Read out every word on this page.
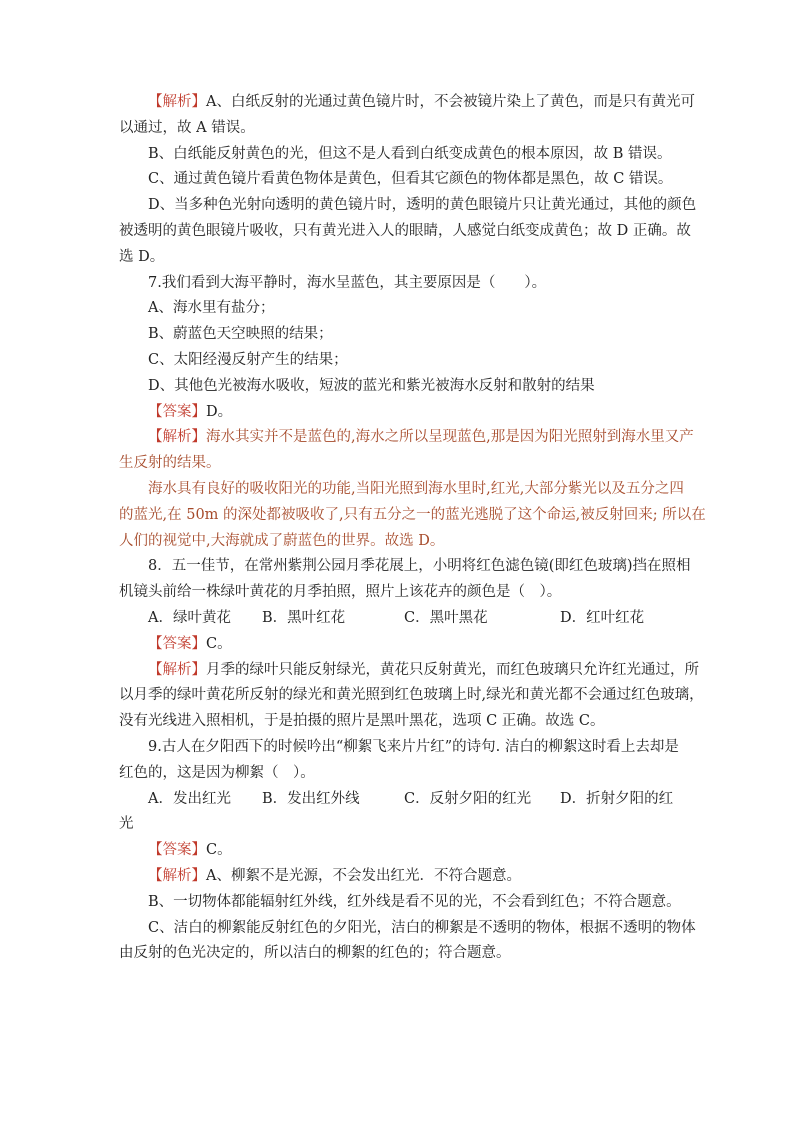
【解析】A、白纸反射的光通过黄色镜片时，不会被镜片染上了黄色，而是只有黄光可
以通过，故 A 错误。
B、白纸能反射黄色的光，但这不是人看到白纸变成黄色的根本原因，故 B 错误。
C、通过黄色镜片看黄色物体是黄色，但看其它颜色的物体都是黑色，故 C 错误。
D、当多种色光射向透明的黄色镜片时，透明的黄色眼镜片只让黄光通过，其他的颜色
被透明的黄色眼镜片吸收，只有黄光进入人的眼睛，人感觉白纸变成黄色；故 D 正确。故
选 D。
7.我们看到大海平静时，海水呈蓝色，其主要原因是（　　）。
A、海水里有盐分；
B、蔚蓝色天空映照的结果；
C、太阳经漫反射产生的结果；
D、其他色光被海水吸收，短波的蓝光和紫光被海水反射和散射的结果
【答案】D。
【解析】海水其实并不是蓝色的,海水之所以呈现蓝色,那是因为阳光照射到海水里又产
生反射的结果。
海水具有良好的吸收阳光的功能,当阳光照到海水里时,红光,大部分紫光以及五分之四
的蓝光,在 50m 的深处都被吸收了,只有五分之一的蓝光逃脱了这个命运,被反射回来; 所以在
人们的视觉中,大海就成了蔚蓝色的世界。故选 D。
8．五一佳节，在常州紫荆公园月季花展上，小明将红色滤色镜(即红色玻璃)挡在照相
机镜头前给一株绿叶黄花的月季拍照，照片上该花卉的颜色是（　）。
A．绿叶黄花 B．黑叶红花	C．黑叶黑花	D．红叶红花
【答案】C。
【解析】月季的绿叶只能反射绿光，黄花只反射黄光，而红色玻璃只允许红光通过，所
以月季的绿叶黄花所反射的绿光和黄光照到红色玻璃上时,绿光和黄光都不会通过红色玻璃，
没有光线进入照相机，于是拍摄的照片是黑叶黑花，选项 C 正确。故选 C。
9.古人在夕阳西下的时候吟出“柳絮飞来片片红”的诗句. 洁白的柳絮这时看上去却是
红色的，这是因为柳絮（　）。
A．发出红光 B．发出红外线	C．反射夕阳的红光 D．折射夕阳的红
光
【答案】C。
【解析】A、柳絮不是光源，不会发出红光．不符合题意。
B、一切物体都能辐射红外线，红外线是看不见的光，不会看到红色；不符合题意。
C、洁白的柳絮能反射红色的夕阳光，洁白的柳絮是不透明的物体，根据不透明的物体
由反射的色光决定的，所以洁白的柳絮的红色的；符合题意。
